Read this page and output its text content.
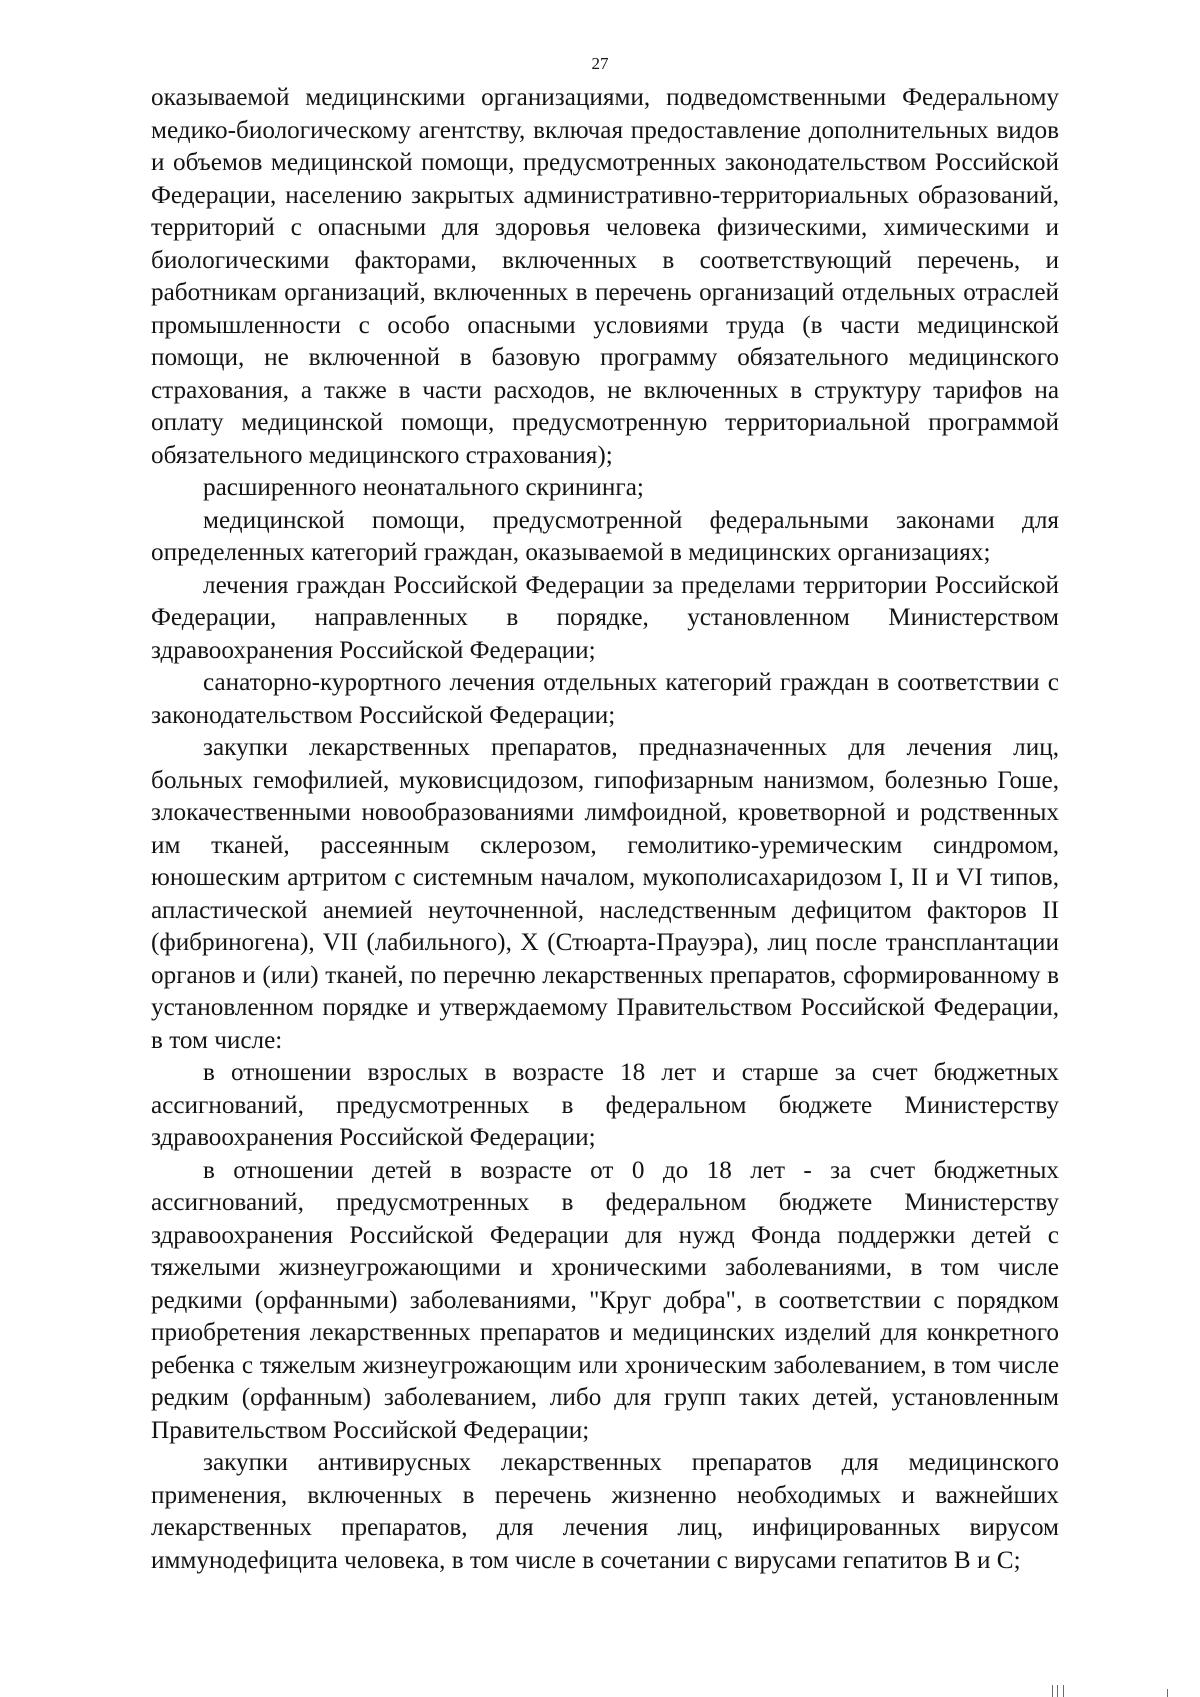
27

оказываемой медицинскими организациями, подведомственными Федеральному медико-биологическому агентству, включая предоставление дополнительных видов и объемов медицинской помощи, предусмотренных законодательством Российской Федерации, населению закрытых административно-территориальных образований, территорий с опасными для здоровья человека физическими, химическими и биологическими факторами, включенных в соответствующий перечень, и работникам организаций, включенных в перечень организаций отдельных отраслей промышленности с особо опасными условиями труда (в части медицинской помощи, не включенной в базовую программу обязательного медицинского страхования, а также в части расходов, не включенных в структуру тарифов на оплату медицинской помощи, предусмотренную территориальной программой обязательного медицинского страхования);

расширенного неонатального скрининга;

медицинской помощи, предусмотренной федеральными законами для определенных категорий граждан, оказываемой в медицинских организациях;

лечения граждан Российской Федерации за пределами территории Российской Федерации, направленных в порядке, установленном Министерством здравоохранения Российской Федерации;

санаторно-курортного лечения отдельных категорий граждан в соответствии с законодательством Российской Федерации;

закупки лекарственных препаратов, предназначенных для лечения лиц, больных гемофилией, муковисцидозом, гипофизарным нанизмом, болезнью Гоше, злокачественными новообразованиями лимфоидной, кроветворной и родственных им тканей, рассеянным склерозом, гемолитико-уремическим синдромом, юношеским артритом с системным началом, мукополисахаридозом I, II и VI типов, апластической анемией неуточненной, наследственным дефицитом факторов II (фибриногена), VII (лабильного), X (Стюарта-Прауэра), лиц после трансплантации органов и (или) тканей, по перечню лекарственных препаратов, сформированному в установленном порядке и утверждаемому Правительством Российской Федерации, в том числе:

в отношении взрослых в возрасте 18 лет и старше за счет бюджетных ассигнований, предусмотренных в федеральном бюджете Министерству здравоохранения Российской Федерации;

в отношении детей в возрасте от 0 до 18 лет - за счет бюджетных ассигнований, предусмотренных в федеральном бюджете Министерству здравоохранения Российской Федерации для нужд Фонда поддержки детей с тяжелыми жизнеугрожающими и хроническими заболеваниями, в том числе редкими (орфанными) заболеваниями, "Круг добра", в соответствии с порядком приобретения лекарственных препаратов и медицинских изделий для конкретного ребенка с тяжелым жизнеугрожающим или хроническим заболеванием, в том числе редким (орфанным) заболеванием, либо для групп таких детей, установленным Правительством Российской Федерации;

закупки антивирусных лекарственных препаратов для медицинского применения, включенных в перечень жизненно необходимых и важнейших лекарственных препаратов, для лечения лиц, инфицированных вирусом иммунодефицита человека, в том числе в сочетании с вирусами гепатитов B и C;
